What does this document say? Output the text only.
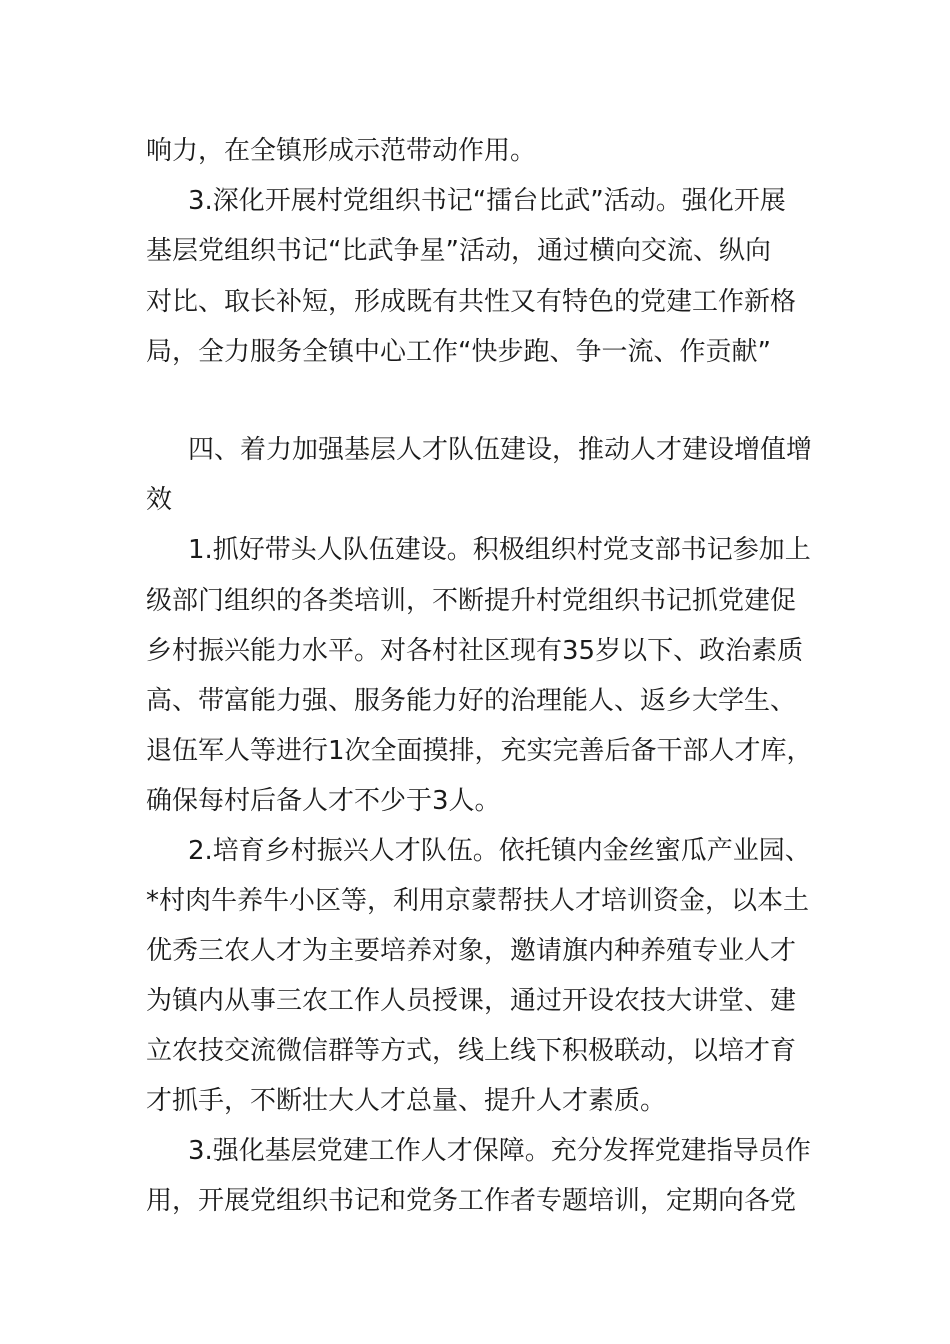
响力，在全镇形成示范带动作用。

3.深化开展村党组织书记“擂台比武”活动。强化开展

基层党组织书记“比武争星”活动，通过横向交流、纵向

对比、取长补短，形成既有共性又有特色的党建工作新格

局，全力服务全镇中心工作“快步跑、争一流、作贡献”

四、着力加强基层人才队伍建设，推动人才建设增值增

效

1.抓好带头人队伍建设。积极组织村党支部书记参加上

级部门组织的各类培训，不断提升村党组织书记抓党建促

乡村振兴能力水平。对各村社区现有35岁以下、政治素质

高、带富能力强、服务能力好的治理能人、返乡大学生、

退伍军人等进行1次全面摸排，充实完善后备干部人才库，

确保每村后备人才不少于3人。

2.培育乡村振兴人才队伍。依托镇内金丝蜜瓜产业园、

*村肉牛养牛小区等，利用京蒙帮扶人才培训资金，以本土

优秀三农人才为主要培养对象，邀请旗内种养殖专业人才

为镇内从事三农工作人员授课，通过开设农技大讲堂、建

立农技交流微信群等方式，线上线下积极联动，以培才育

才抓手，不断壮大人才总量、提升人才素质。

3.强化基层党建工作人才保障。充分发挥党建指导员作

用，开展党组织书记和党务工作者专题培训，定期向各党
